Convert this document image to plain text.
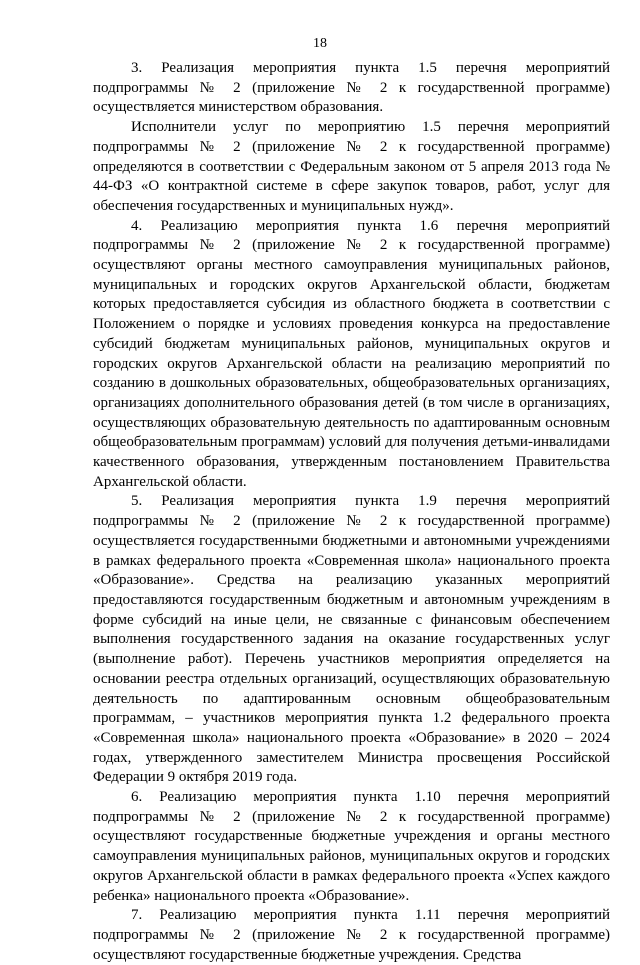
18

3. Реализация мероприятия пункта 1.5 перечня мероприятий подпрограммы № 2 (приложение № 2 к государственной программе) осуществляется министерством образования.

Исполнители услуг по мероприятию 1.5 перечня мероприятий подпрограммы № 2 (приложение № 2 к государственной программе) определяются в соответствии с Федеральным законом от 5 апреля 2013 года № 44-ФЗ «О контрактной системе в сфере закупок товаров, работ, услуг для обеспечения государственных и муниципальных нужд».

4. Реализацию мероприятия пункта 1.6 перечня мероприятий подпрограммы № 2 (приложение № 2 к государственной программе) осуществляют органы местного самоуправления муниципальных районов, муниципальных и городских округов Архангельской области, бюджетам которых предоставляется субсидия из областного бюджета в соответствии с Положением о порядке и условиях проведения конкурса на предоставление субсидий бюджетам муниципальных районов, муниципальных округов и городских округов Архангельской области на реализацию мероприятий по созданию в дошкольных образовательных, общеобразовательных организациях, организациях дополнительного образования детей (в том числе в организациях, осуществляющих образовательную деятельность по адаптированным основным общеобразовательным программам) условий для получения детьми-инвалидами качественного образования, утвержденным постановлением Правительства Архангельской области.

5. Реализация мероприятия пункта 1.9 перечня мероприятий подпрограммы № 2 (приложение № 2 к государственной программе) осуществляется государственными бюджетными и автономными учреждениями в рамках федерального проекта «Современная школа» национального проекта «Образование». Средства на реализацию указанных мероприятий предоставляются государственным бюджетным и автономным учреждениям в форме субсидий на иные цели, не связанные с финансовым обеспечением выполнения государственного задания на оказание государственных услуг (выполнение работ). Перечень участников мероприятия определяется на основании реестра отдельных организаций, осуществляющих образовательную деятельность по адаптированным основным общеобразовательным программам, – участников мероприятия пункта 1.2 федерального проекта «Современная школа» национального проекта «Образование» в 2020 – 2024 годах, утвержденного заместителем Министра просвещения Российской Федерации 9 октября 2019 года.

6. Реализацию мероприятия пункта 1.10 перечня мероприятий подпрограммы № 2 (приложение № 2 к государственной программе) осуществляют государственные бюджетные учреждения и органы местного самоуправления муниципальных районов, муниципальных округов и городских округов Архангельской области в рамках федерального проекта «Успех каждого ребенка» национального проекта «Образование».

7. Реализацию мероприятия пункта 1.11 перечня мероприятий подпрограммы № 2 (приложение № 2 к государственной программе) осуществляют государственные бюджетные учреждения. Средства
